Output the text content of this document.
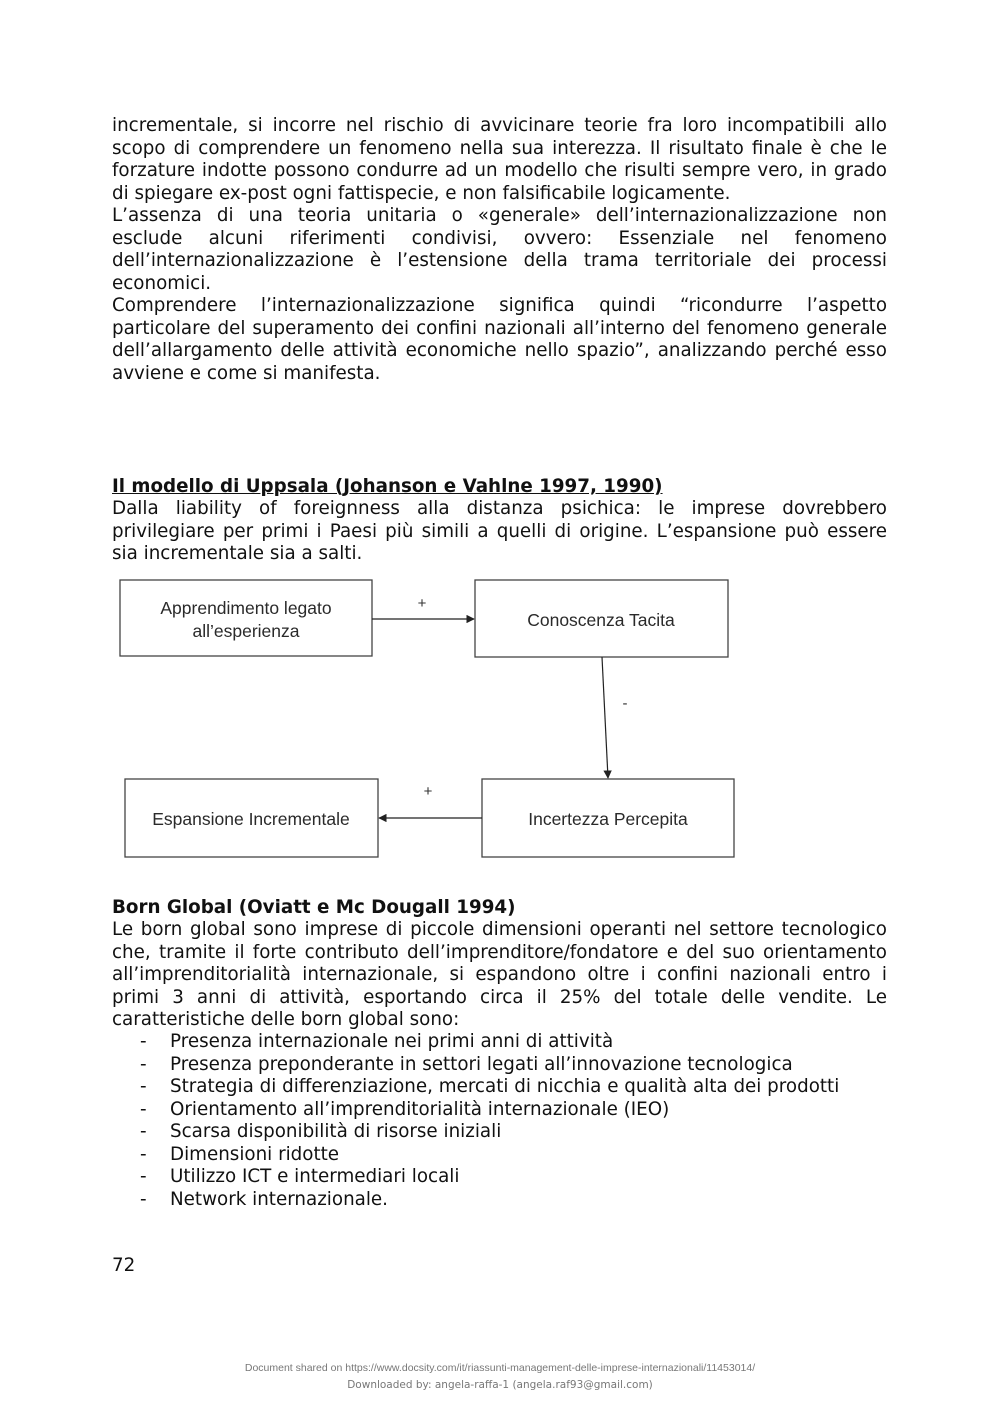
incrementale, si incorre nel rischio di avvicinare teorie fra loro incompatibili allo scopo di comprendere un fenomeno nella sua interezza. Il risultato finale è che le forzature indotte possono condurre ad un modello che risulti sempre vero, in grado di spiegare ex-post ogni fattispecie, e non falsificabile logicamente.

L’assenza di una teoria unitaria o «generale» dell’internazionalizzazione non esclude alcuni riferimenti condivisi, ovvero: Essenziale nel fenomeno dell’internazionalizzazione è l’estensione della trama territoriale dei processi economici.

Comprendere l’internazionalizzazione significa quindi “ricondurre l’aspetto particolare del superamento dei confini nazionali all’interno del fenomeno generale dell’allargamento delle attività economiche nello spazio”, analizzando perché esso avviene e come si manifesta.

Il modello di Uppsala (Johanson e Vahlne 1997, 1990)

Dalla liability of foreignness alla distanza psichica: le imprese dovrebbero privilegiare per primi i Paesi più simili a quelli di origine. L’espansione può essere sia incrementale sia a salti.

Apprendimento legato
all’esperienza
Conoscenza Tacita
Incertezza Percepita
Espansione Incrementale
+
-
+
Born Global (Oviatt e Mc Dougall 1994)

Le born global sono imprese di piccole dimensioni operanti nel settore tecnologico che, tramite il forte contributo dell’imprenditore/fondatore e del suo orientamento all’imprenditorialità internazionale, si espandono oltre i confini nazionali entro i primi 3 anni di attività, esportando circa il 25% del totale delle vendite. Le caratteristiche delle born global sono:

- Presenza internazionale nei primi anni di attività
- Presenza preponderante in settori legati all’innovazione tecnologica
- Strategia di differenziazione, mercati di nicchia e qualità alta dei prodotti
- Orientamento all’imprenditorialità internazionale (IEO)
- Scarsa disponibilità di risorse iniziali
- Dimensioni ridotte
- Utilizzo ICT e intermediari locali
- Network internazionale.

72

Document shared on https://www.docsity.com/it/riassunti-management-delle-imprese-internazionali/11453014/
Downloaded by: angela-raffa-1 (angela.raf93@gmail.com)
